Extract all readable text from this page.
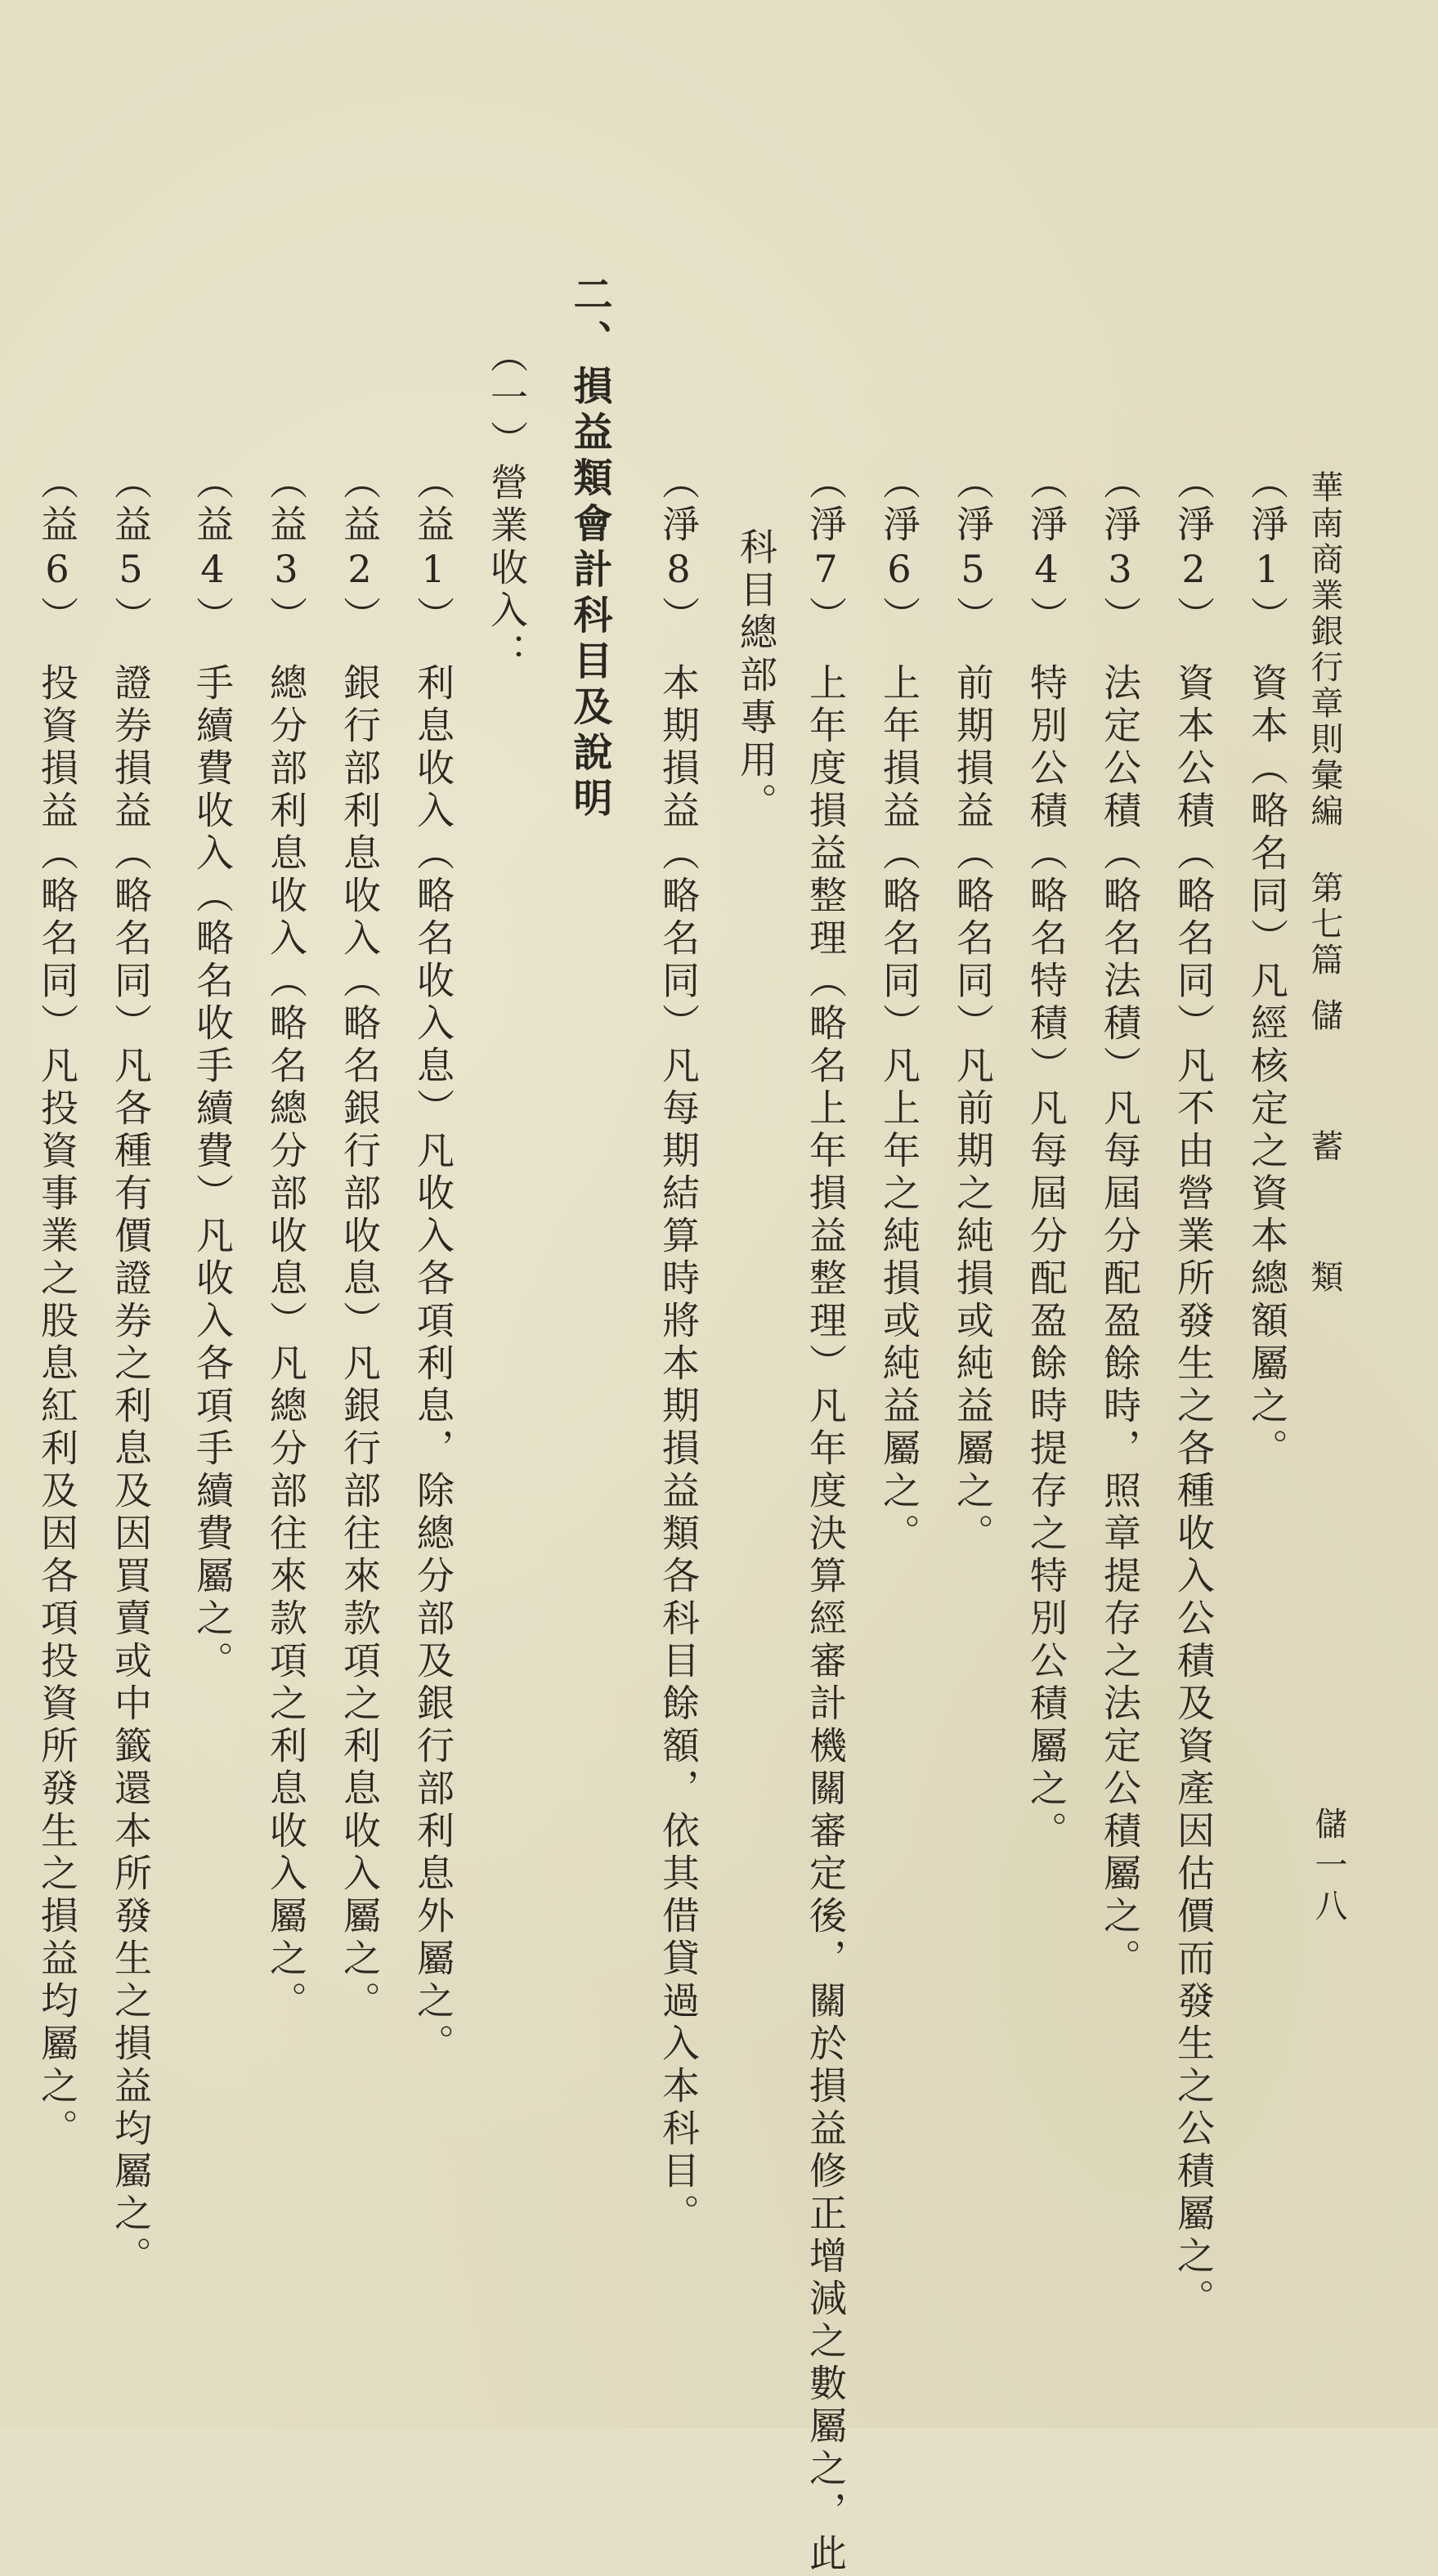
華南商業銀行章則彙編第七篇儲　蓄　類
儲一八
（淨1）資本（略名同）凡經核定之資本總額屬之。
（淨2）資本公積（略名同）凡不由營業所發生之各種收入公積及資產因估價而發生之公積屬之。
（淨3）法定公積（略名法積）凡每屆分配盈餘時，照章提存之法定公積屬之。
（淨4）特別公積（略名特積）凡每屆分配盈餘時提存之特別公積屬之。
（淨5）前期損益（略名同）凡前期之純損或純益屬之。
（淨6）上年損益（略名同）凡上年之純損或純益屬之。
（淨7）上年度損益整理（略名上年損益整理）凡年度決算經審計機關審定後，關於損益修正增減之數屬之，此
科目總部專用。
（淨8）本期損益（略名同）凡每期結算時將本期損益類各科目餘額，依其借貸過入本科目。
二、損益類會計科目及說明
（一）營業收入：
（益1）利息收入（略名收入息）凡收入各項利息，除總分部及銀行部利息外屬之。
（益2）銀行部利息收入（略名銀行部收息）凡銀行部往來款項之利息收入屬之。
（益3）總分部利息收入（略名總分部收息）凡總分部往來款項之利息收入屬之。
（益4）手續費收入（略名收手續費）凡收入各項手續費屬之。
（益5）證券損益（略名同）凡各種有價證券之利息及因買賣或中籤還本所發生之損益均屬之。
（益6）投資損益（略名同）凡投資事業之股息紅利及因各項投資所發生之損益均屬之。
